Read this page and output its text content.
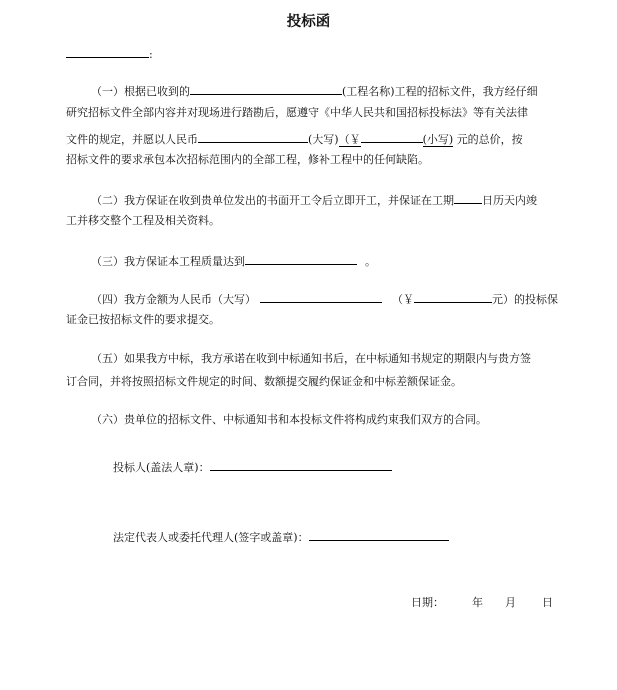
投标函
:
（一）根据已收到的	(工程名称)工程的招标文件，我方经仔细
研究招标文件全部内容并对现场进行踏勘后，愿遵守《中华人民共和国招标投标法》等有关法律
文件的规定，并愿以人民币	(大写)（￥	(小写) 元的总价，按
招标文件的要求承包本次招标范围内的全部工程，修补工程中的任何缺陷。
（二）我方保证在收到贵单位发出的书面开工令后立即开工，并保证在工期	日历天内竣
工并移交整个工程及相关资料。
（三）我方保证本工程质量达到	。
（四）我方金额为人民币（大写）	（￥	元）的投标保
证金已按招标文件的要求提交。
（五）如果我方中标，我方承诺在收到中标通知书后，在中标通知书规定的期限内与贵方签
订合同，并将按照招标文件规定的时间、数额提交履约保证金和中标差额保证金。
（六）贵单位的招标文件、中标通知书和本投标文件将构成约束我们双方的合同。
投标人(盖法人章)：
法定代表人或委托代理人(签字或盖章)：
日期：	年 月 日
